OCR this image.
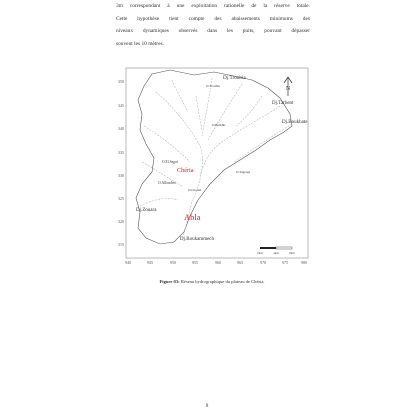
3m correspondant à une exploitation rationelle de la réserve totale.
Cette hypothèse tient compte des abaissements minimums des
niveaux dynamiques observés dans les puits, pouvant dépasser
souvent les 10 mètres.
350
345
340
335
330
325
320
315
940	945	950	955	960	965	970	975	980
N
0km	4km	8km
Dj.Troubia
O.Troubia
Dj.Tarbent
Dj.Boukhate
O.Belkhir
O.El Segui
O.Tagraga
O.Allouchet
O.Chouni
Dj.Zouara
Dj.Boukammech
Chéria
Abla
Figure 03: Réseau hydrographique du plateau de Chéria.
8
